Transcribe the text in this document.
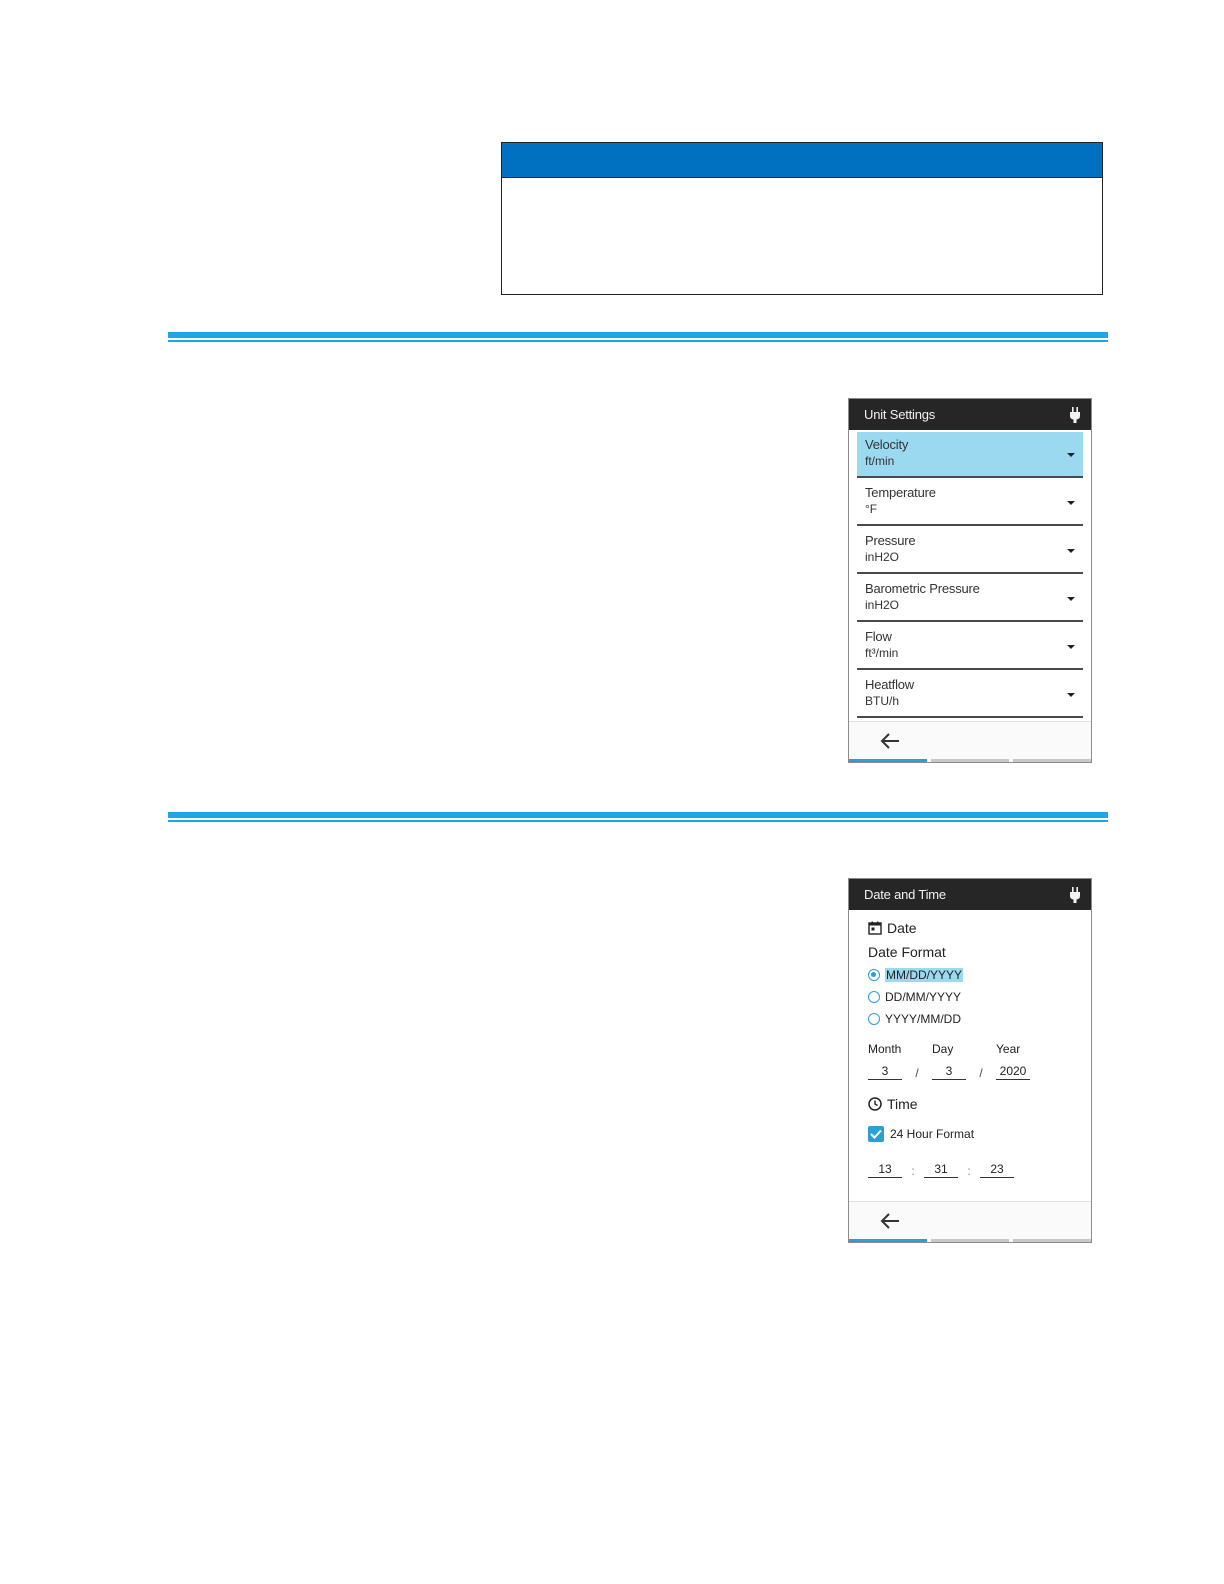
Unit Settings
Velocity
ft/min
Temperature
°F
Pressure
inH2O
Barometric Pressure
inH2O
Flow
ft³/min
Heatflow
BTU/h
Date and Time
Date
Date Format
MM/DD/YYYY
DD/MM/YYYY
YYYY/MM/DD
Month	Day	Year
3	/	3	/	2020
Time
24 Hour Format
13	:	31	:	23
